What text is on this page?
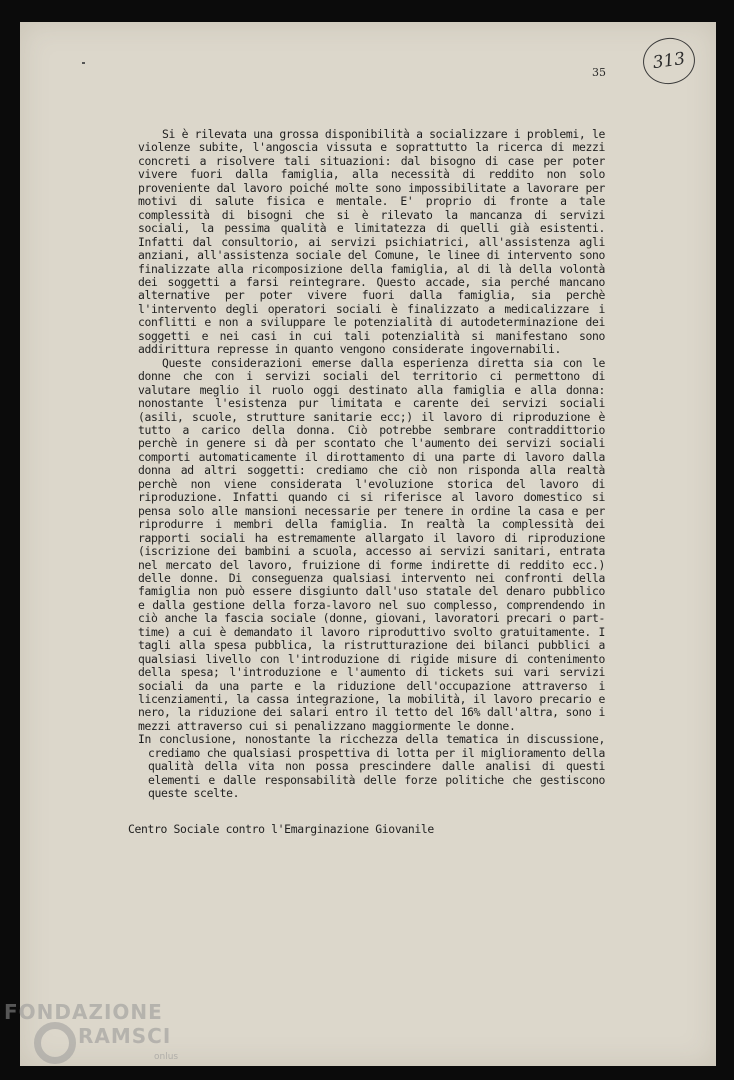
35	313

Si è rilevata una grossa disponibilità a socializzare i problemi, le violenze subite, l'angoscia vissuta e soprattutto la ricerca di mezzi concreti a risolvere tali situazioni: dal bisogno di case per poter vivere fuori dalla famiglia, alla necessità di reddito non solo proveniente dal lavoro poiché molte sono impossibilitate a lavorare per motivi di salute fisica e mentale. E' proprio di fronte a tale complessità di bisogni che si è rilevato la mancanza di servizi sociali, la pessima qualità e limitatezza di quelli già esistenti. Infatti dal consultorio, ai servizi psichiatrici, all'assistenza agli anziani, all'assistenza sociale del Comune, le linee di intervento sono finalizzate alla ricomposizione della famiglia, al di là della volontà dei soggetti a farsi reintegrare. Questo accade, sia perché mancano alternative per poter vivere fuori dalla famiglia, sia perchè l'intervento degli operatori sociali è finalizzato a medicalizzare i conflitti e non a sviluppare le potenzialità di autodeterminazione dei soggetti e nei casi in cui tali potenzialità si manifestano sono addirittura represse in quanto vengono considerate ingovernabili.

Queste considerazioni emerse dalla esperienza diretta sia con le donne che con i servizi sociali del territorio ci permettono di valutare meglio il ruolo oggi destinato alla famiglia e alla donna: nonostante l'esistenza pur limitata e carente dei servizi sociali (asili, scuole, strutture sanitarie ecc;) il lavoro di riproduzione è tutto a carico della donna. Ciò potrebbe sembrare contraddittorio perchè in genere si dà per scontato che l'aumento dei servizi sociali comporti automaticamente il dirottamento di una parte di lavoro dalla donna ad altri soggetti: crediamo che ciò non risponda alla realtà perchè non viene considerata l'evoluzione storica del lavoro di riproduzione. Infatti quando ci si riferisce al lavoro domestico si pensa solo alle mansioni necessarie per tenere in ordine la casa e per riprodurre i membri della famiglia. In realtà la complessità dei rapporti sociali ha estremamente allargato il lavoro di riproduzione (iscrizione dei bambini a scuola, accesso ai servizi sanitari, entrata nel mercato del lavoro, fruizione di forme indirette di reddito ecc.) delle donne. Di conseguenza qualsiasi intervento nei confronti della famiglia non può essere disgiunto dall'uso statale del denaro pubblico e dalla gestione della forza-lavoro nel suo complesso, comprendendo in ciò anche la fascia sociale (donne, giovani, lavoratori precari o part-time) a cui è demandato il lavoro riproduttivo svolto gratuitamente. I tagli alla spesa pubblica, la ristrutturazione dei bilanci pubblici a qualsiasi livello con l'introduzione di rigide misure di contenimento della spesa; l'introduzione e l'aumento di tickets sui vari servizi sociali da una parte e la riduzione dell'occupazione attraverso i licenziamenti, la cassa integrazione, la mobilità, il lavoro precario e nero, la riduzione dei salari entro il tetto del 16% dall'altra, sono i mezzi attraverso cui si penalizzano maggiormente le donne.

In conclusione, nonostante la ricchezza della tematica in discussione, crediamo che qualsiasi prospettiva di lotta per il miglioramento della qualità della vita non possa prescindere dalle analisi di questi elementi e dalle responsabilità delle forze politiche che gestiscono queste scelte.

Centro Sociale contro l'Emarginazione Giovanile

FONDAZIONE
RAMSCI
onlus
